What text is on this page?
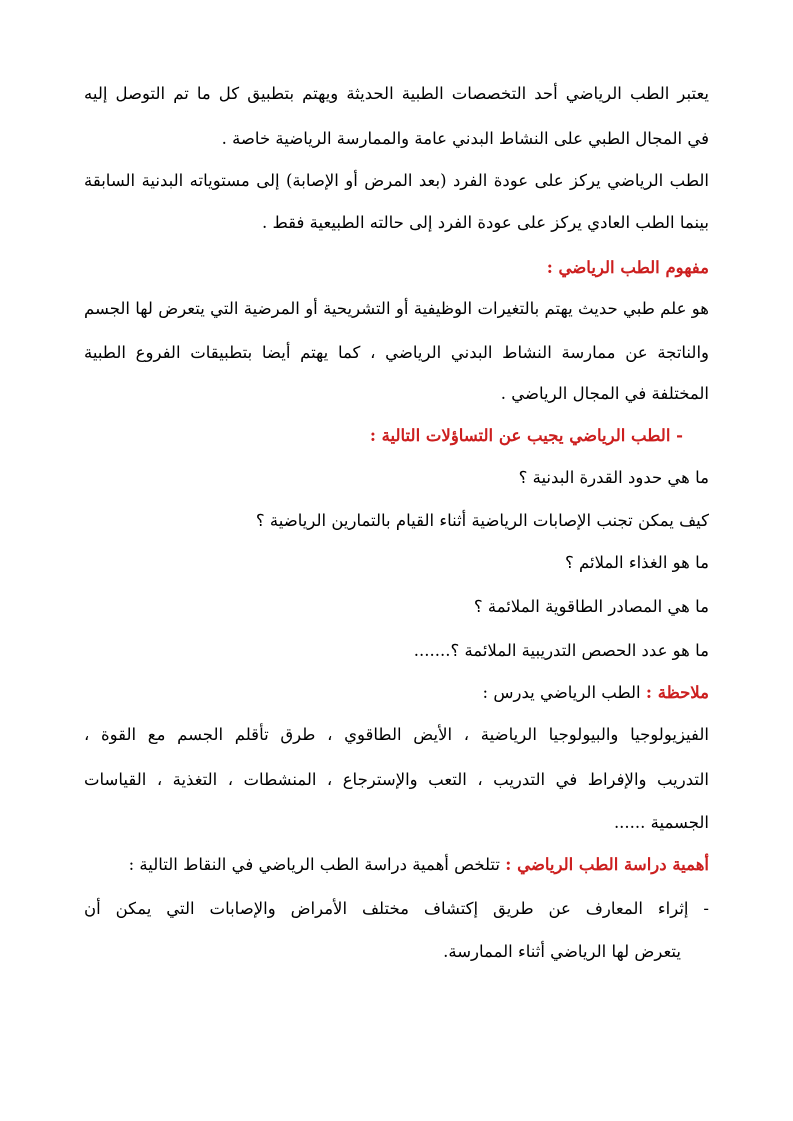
يعتبر الطب الرياضي أحد التخصصات الطبية الحديثة ويهتم بتطبيق كل ما تم التوصل إليه
في المجال الطبي على النشاط البدني عامة والممارسة الرياضية خاصة .
الطب الرياضي يركز على عودة الفرد (بعد المرض أو الإصابة) إلى مستوياته البدنية السابقة
بينما الطب العادي يركز على عودة الفرد إلى حالته الطبيعية فقط .
مفهوم الطب الرياضي :
هو علم طبي حديث يهتم بالتغيرات الوظيفية أو التشريحية أو المرضية التي يتعرض لها الجسم
والناتجة عن ممارسة النشاط البدني الرياضي ، كما يهتم أيضا بتطبيقات الفروع الطبية
المختلفة في المجال الرياضي .
- الطب الرياضي يجيب عن التساؤلات التالية :
ما هي حدود القدرة البدنية ؟
كيف يمكن تجنب الإصابات الرياضية أثناء القيام بالتمارين الرياضية ؟
ما هو الغذاء الملائم ؟
ما هي المصادر الطاقوية الملائمة ؟
ما هو عدد الحصص التدريبية الملائمة ؟.......
ملاحظة : الطب الرياضي يدرس :
الفيزيولوجيا والبيولوجيا الرياضية ، الأيض الطاقوي ، طرق تأقلم الجسم مع القوة ،
التدريب والإفراط في التدريب ، التعب والإسترجاع ، المنشطات ، التغذية ، القياسات
الجسمية ......
أهمية دراسة الطب الرياضي : تتلخص أهمية دراسة الطب الرياضي في النقاط التالية :
- إثراء المعارف عن طريق إكتشاف مختلف الأمراض والإصابات التي يمكن أن
يتعرض لها الرياضي أثناء الممارسة.
